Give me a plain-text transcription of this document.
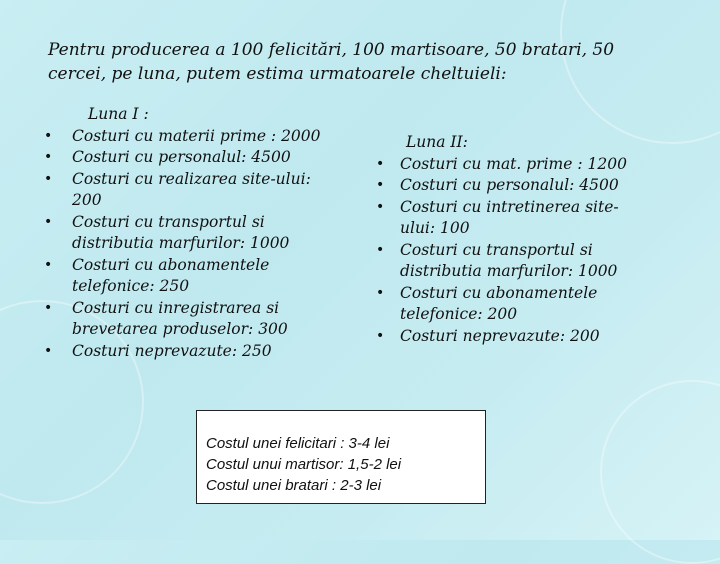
Pentru producerea a 100 felicitări, 100 martisoare, 50 bratari, 50
cercei, pe luna, putem estima urmatoarele cheltuieli:
Luna I :
• Costuri cu materii prime : 2000
• Costuri cu personalul: 4500
• Costuri cu realizarea site-ului: 200
• Costuri cu transportul si distributia marfurilor: 1000
• Costuri cu abonamentele telefonice: 250
• Costuri cu inregistrarea si brevetarea produselor: 300
• Costuri neprevazute: 250
Luna II:
• Costuri cu mat. prime : 1200
• Costuri cu personalul: 4500
• Costuri cu intretinerea site-ului: 100
• Costuri cu transportul si distributia marfurilor: 1000
• Costuri cu abonamentele telefonice: 200
• Costuri neprevazute: 200
Costul unei felicitari : 3-4 lei
Costul unui martisor: 1,5-2 lei
Costul unei bratari : 2-3 lei
